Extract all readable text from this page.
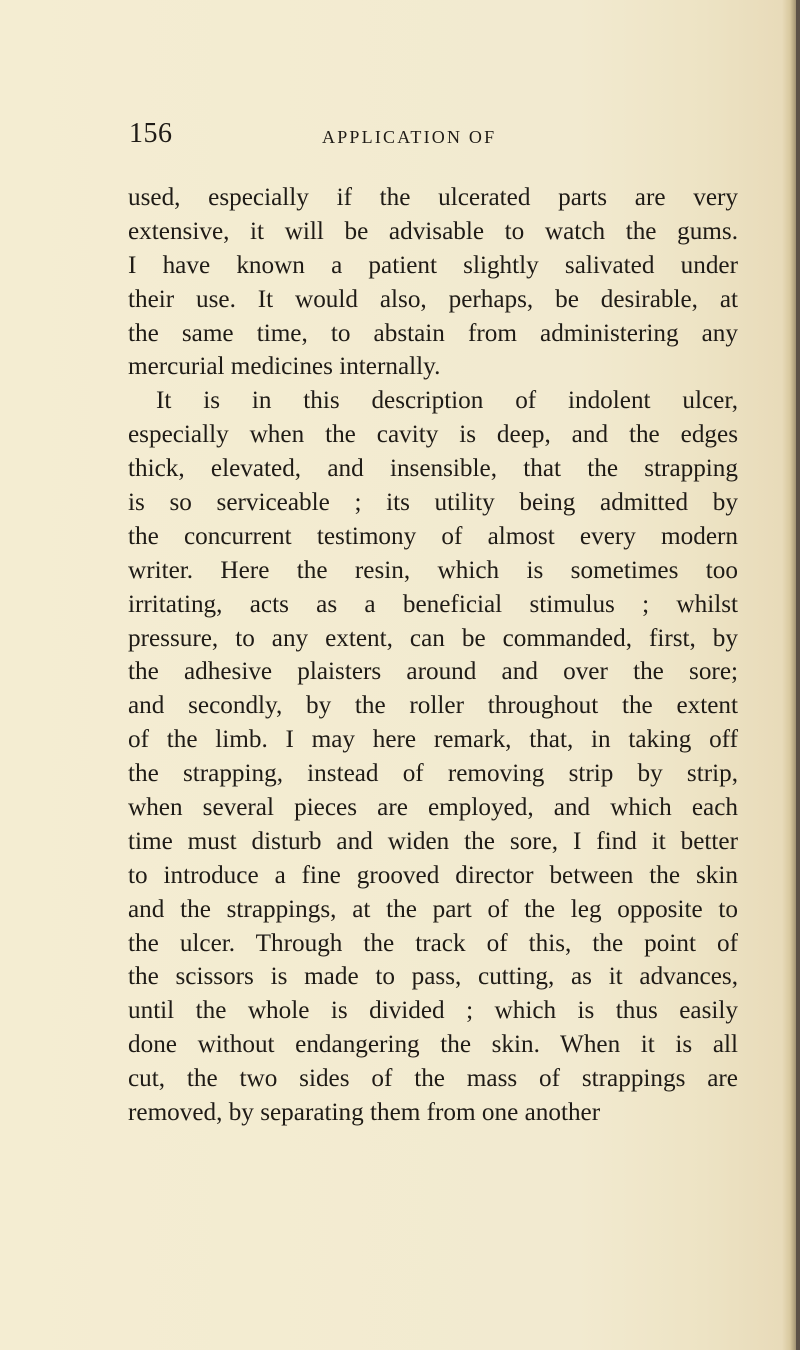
156	APPLICATION OF
used, especially if the ulcerated parts are very
extensive, it will be advisable to watch the gums.
I have known a patient slightly salivated under
their use. It would also, perhaps, be desirable, at
the same time, to abstain from administering any
mercurial medicines internally.
It is in this description of indolent ulcer,
especially when the cavity is deep, and the edges
thick, elevated, and insensible, that the strapping
is so serviceable ; its utility being admitted by
the concurrent testimony of almost every modern
writer. Here the resin, which is sometimes too
irritating, acts as a beneficial stimulus ; whilst
pressure, to any extent, can be commanded, first, by
the adhesive plaisters around and over the sore;
and secondly, by the roller throughout the extent
of the limb. I may here remark, that, in taking off
the strapping, instead of removing strip by strip,
when several pieces are employed, and which each
time must disturb and widen the sore, I find it better
to introduce a fine grooved director between the skin
and the strappings, at the part of the leg opposite to
the ulcer. Through the track of this, the point of
the scissors is made to pass, cutting, as it advances,
until the whole is divided ; which is thus easily
done without endangering the skin. When it is all
cut, the two sides of the mass of strappings are
removed, by separating them from one another
